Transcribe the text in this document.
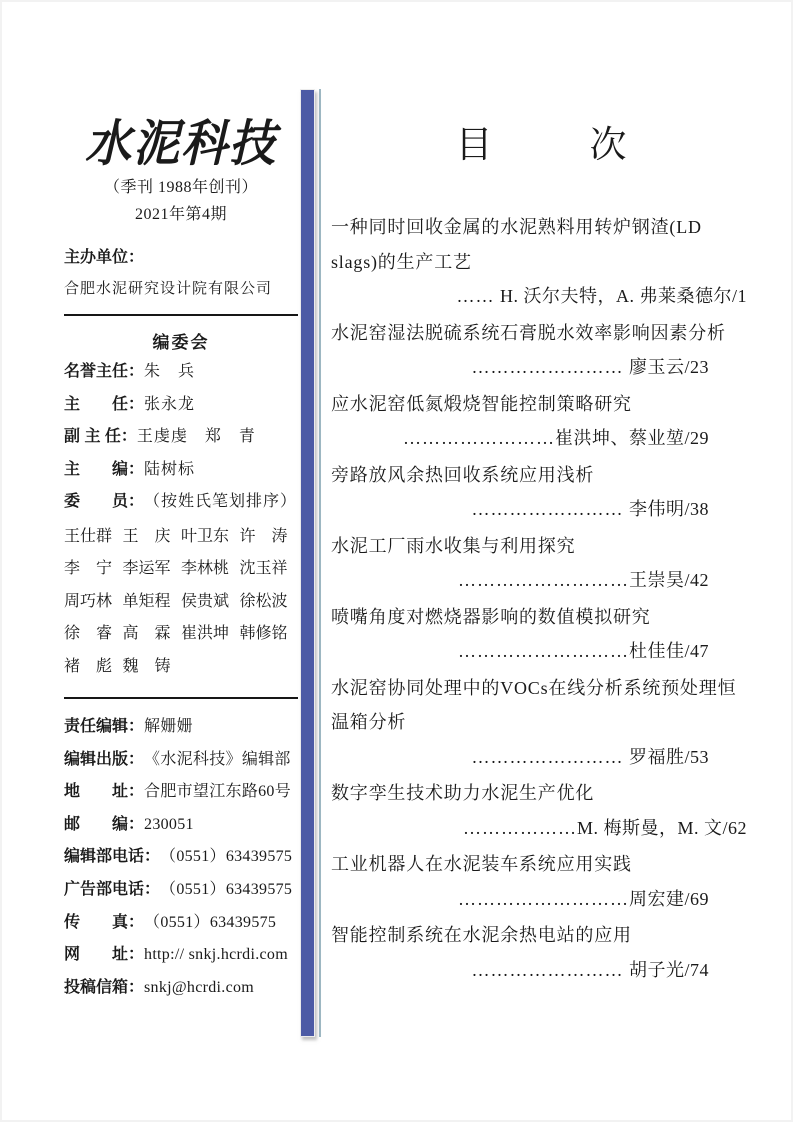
水泥科技
（季刊 1988年创刊）
2021年第4期
主办单位：
合肥水泥研究设计院有限公司
编委会
名誉主任： 朱　兵
主　　任： 张永龙
副 主 任： 王虔虔　郑　青
主　　编： 陆树标
委　　员： （按姓氏笔划排序）
王仕群 王　庆 叶卫东 许　涛
李　宁 李运军 李林桃 沈玉祥
周巧林 单矩程 侯贵斌 徐松波
徐　睿 高　霖 崔洪坤 韩修铭
褚　彪 魏　铸
责任编辑： 解姗姗
编辑出版： 《水泥科技》编辑部
地　　址： 合肥市望江东路60号
邮　　编： 230051
编辑部电话： （0551）63439575
广告部电话： （0551）63439575
传　　真： （0551）63439575
网　　址： http:// snkj.hcrdi.com
投稿信箱： snkj@hcrdi.com
目　次
一种同时回收金属的水泥熟料用转炉钢渣(LD slags)的生产工艺
…… H. 沃尔夫特，A. 弗莱桑德尔/1
水泥窑湿法脱硫系统石膏脱水效率影响因素分析
…………………… 廖玉云/23
应水泥窑低氮煅烧智能控制策略研究
……………………崔洪坤、蔡业堃/29
旁路放风余热回收系统应用浅析
…………………… 李伟明/38
水泥工厂雨水收集与利用探究
………………………王崇昊/42
喷嘴角度对燃烧器影响的数值模拟研究
………………………杜佳佳/47
水泥窑协同处理中的VOCs在线分析系统预处理恒温箱分析
…………………… 罗福胜/53
数字孪生技术助力水泥生产优化
………………M. 梅斯曼，M. 文/62
工业机器人在水泥装车系统应用实践
………………………周宏建/69
智能控制系统在水泥余热电站的应用
…………………… 胡子光/74
